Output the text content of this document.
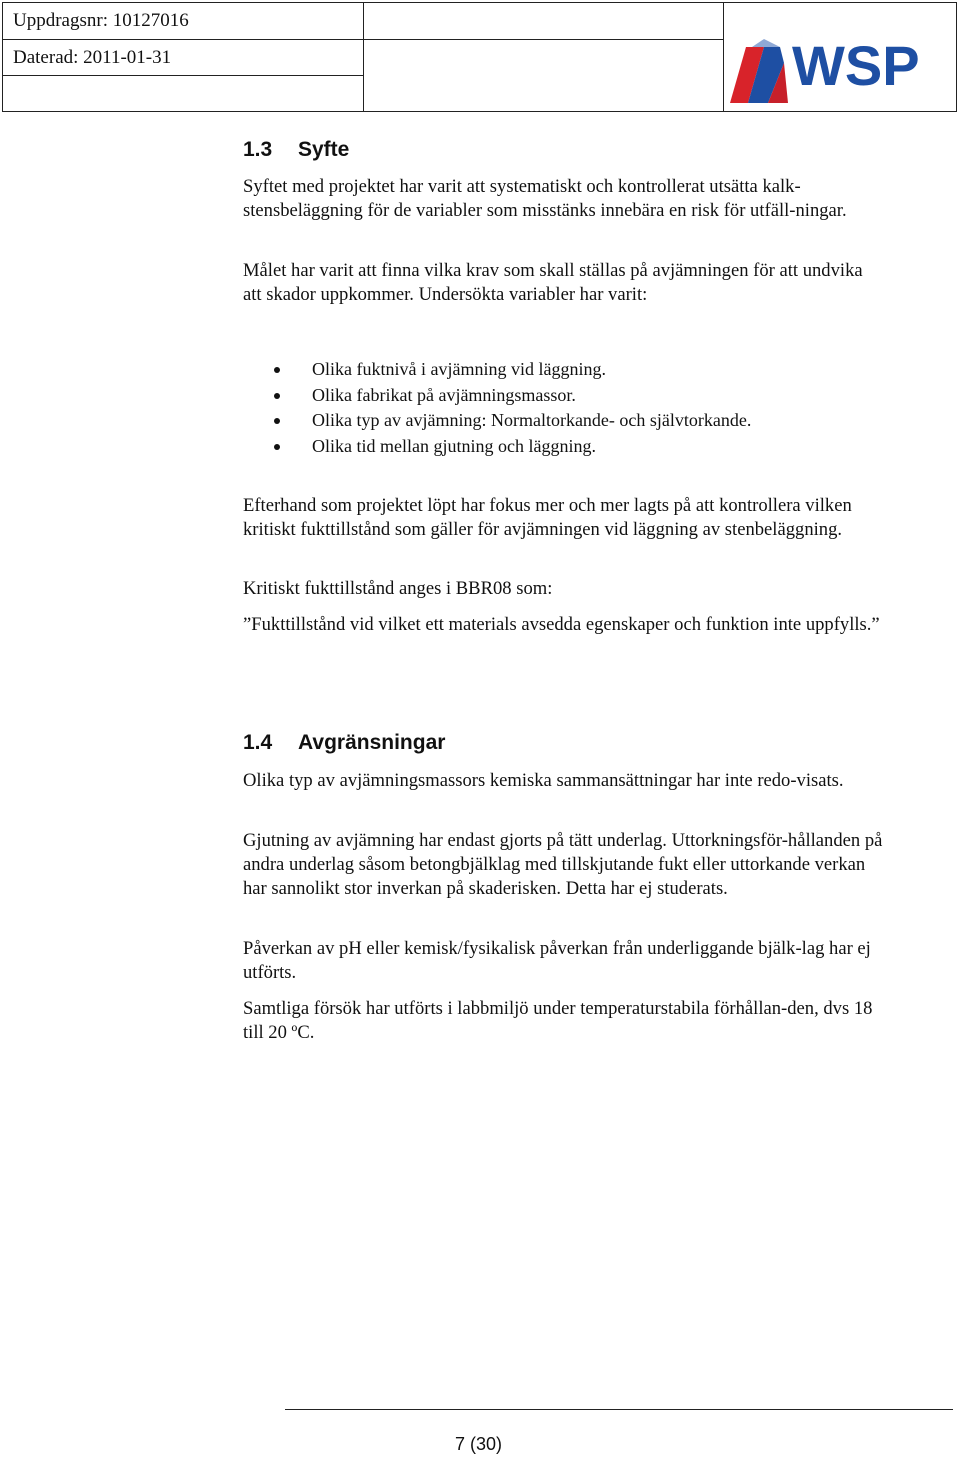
Uppdragsnr: 10127016
Daterad: 2011-01-31	WSP
1.3 Syfte
Syftet med projektet har varit att systematiskt och kontrollerat utsätta kalk-stensbeläggning för de variabler som misstänks innebära en risk för utfäll-ningar.
Målet har varit att finna vilka krav som skall ställas på avjämningen för att undvika att skador uppkommer. Undersökta variabler har varit:
Olika fuktnivå i avjämning vid läggning.
Olika fabrikat på avjämningsmassor.
Olika typ av avjämning: Normaltorkande- och självtorkande.
Olika tid mellan gjutning och läggning.
Efterhand som projektet löpt har fokus mer och mer lagts på att kontrollera vilken kritiskt fukttillstånd som gäller för avjämningen vid läggning av stenbeläggning.
Kritiskt fukttillstånd anges i BBR08 som:
”Fukttillstånd vid vilket ett materials avsedda egenskaper och funktion inte uppfylls.”
1.4 Avgränsningar
Olika typ av avjämningsmassors kemiska sammansättningar har inte redo-visats.
Gjutning av avjämning har endast gjorts på tätt underlag. Uttorkningsför-hållanden på andra underlag såsom betongbjälklag med tillskjutande fukt eller uttorkande verkan har sannolikt stor inverkan på skaderisken. Detta har ej studerats.
Påverkan av pH eller kemisk/fysikalisk påverkan från underliggande bjälk-lag har ej utförts.
Samtliga försök har utförts i labbmiljö under temperaturstabila förhållan-den, dvs 18 till 20 ºC.
7 (30)
